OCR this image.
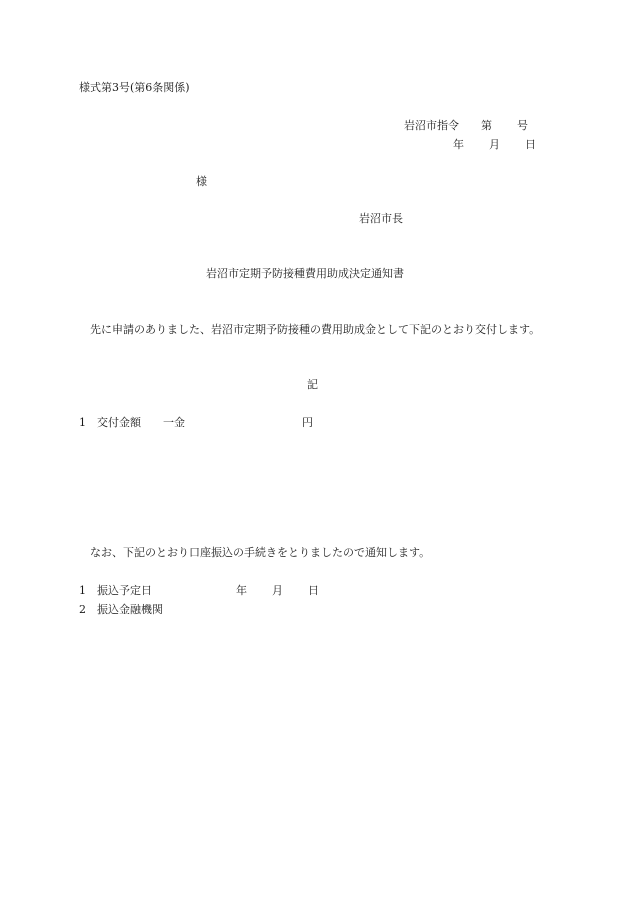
様式第3号(第6条関係)
岩沼市指令 第 号
年 月 日
様
岩沼市長
岩沼市定期予防接種費用助成決定通知書
先に申請のありました、岩沼市定期予防接種の費用助成金として下記のとおり交付します。
記
1 交付金額 一金	円
なお、下記のとおり口座振込の手続きをとりましたので通知します。
1 振込予定日	年 月 日
2 振込金融機関
